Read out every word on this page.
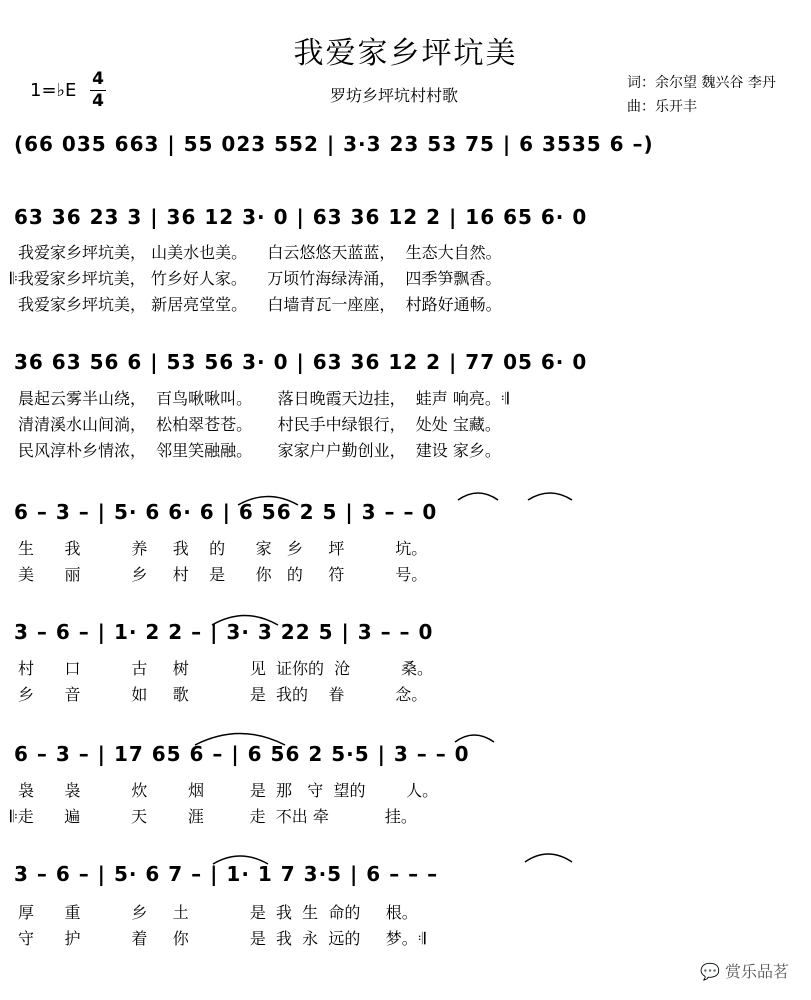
我爱家乡坪坑美
1=♭E
4
4	罗坊乡坪坑村村歌
词：余尔望 魏兴谷 李丹
曲：乐开丰
(66 035 663 | 55 023 552 | 3·3 23 53 75 | 6 3535 6 –)
63 36 23 3 | 36 12 3· 0 | 63 36 12 2 | 16 65 6· 0
我爱家乡坪坑美， 山美水也美。    白云悠悠天蓝蓝，  生态大自然。
𝄆我爱家乡坪坑美， 竹乡好人家。    万顷竹海绿涛涌，  四季笋飘香。
我爱家乡坪坑美， 新居亮堂堂。    白墙青瓦一座座，  村路好通畅。
36 63 56 6 | 53 56 3· 0 | 63 36 12 2 | 77 05 6· 0
晨起云雾半山绕，  百鸟啾啾叫。     落日晚霞天边挂，  蛙声 响亮。𝄇
清清溪水山间淌，  松柏翠苍苍。     村民手中绿银行，  处处 宝藏。
民风淳朴乡情浓，  邻里笑融融。     家家户户勤创业，  建设 家乡。
6 – 3 – | 5· 6 6· 6 | 6 56 2 5 | 3 – – 0
生      我          养     我    的      家   乡     坪          坑。
美      丽          乡     村    是      你   的     符          号。
3 – 6 – | 1· 2 2 – | 3· 3 22 5 | 3 – – 0
村      口          古     树            见  证你的  沧          桑。
乡      音          如     歌            是  我的    眷          念。
6 – 3 – | 17 65 6 – | 6 56 2 5·5 | 3 – – 0
袅      袅          炊        烟         是  那   守  望的        人。
𝄆走      遍          天        涯         走  不出 牵           挂。
3 – 6 – | 5· 6 7 – | 1· 1 7 3·5 | 6 – – –
厚      重          乡     土            是  我  生  命的     根。
守      护          着     你            是  我  永  远的     梦。𝄇
💬 赏乐品茗
